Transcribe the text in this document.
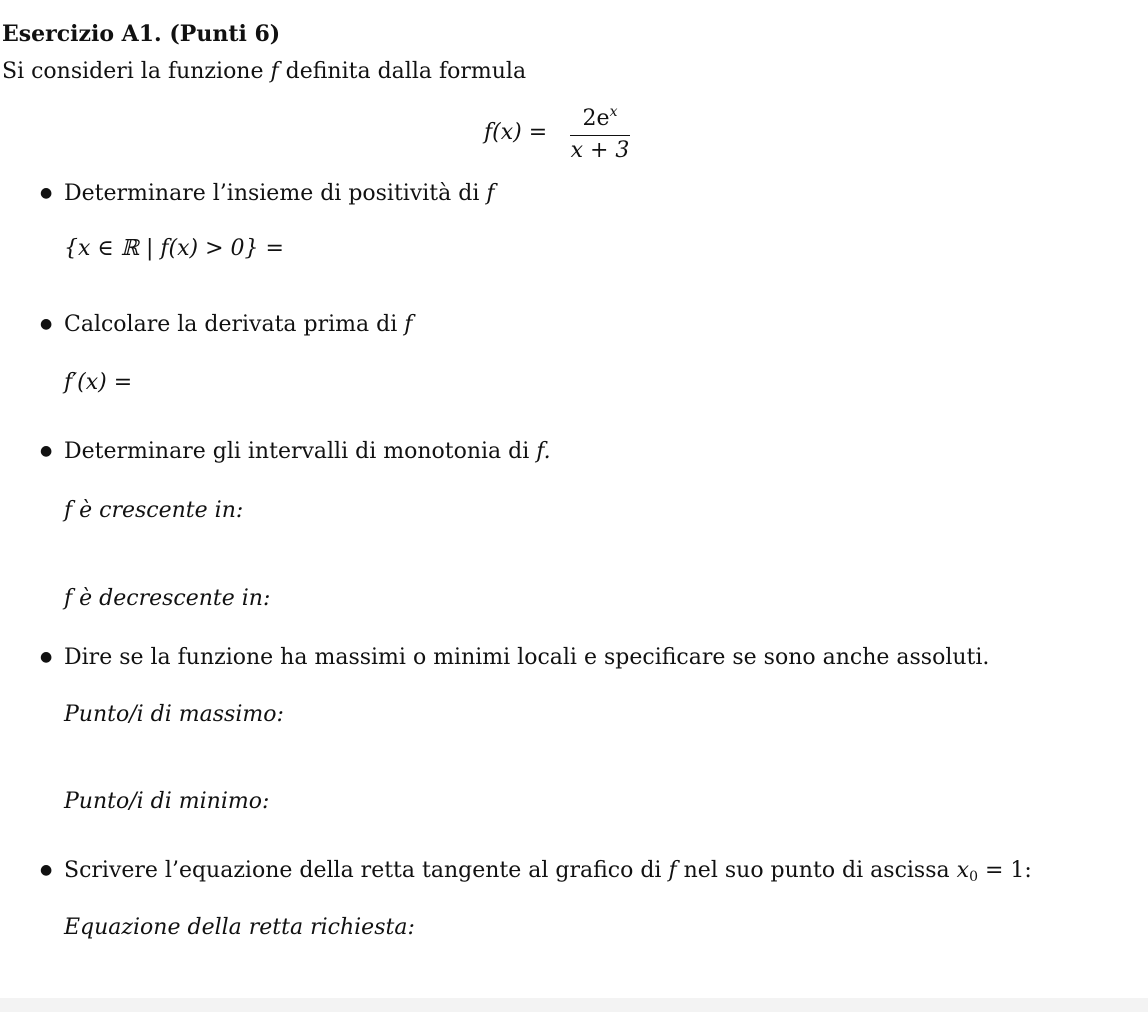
Esercizio A1. (Punti 6)
Si consideri la funzione f definita dalla formula
f(x) =
$2e^x$
x + 3
● Determinare l’insieme di positività di f
{x ∈ ℝ | f(x) > 0} =
● Calcolare la derivata prima di f
f′(x) =
● Determinare gli intervalli di monotonia di f.
f è crescente in:
f è decrescente in:
● Dire se la funzione ha massimi o minimi locali e specificare se sono anche assoluti.
Punto/i di massimo:
Punto/i di minimo:
● Scrivere l’equazione della retta tangente al grafico di f nel suo punto di ascissa $x_0 = 1$:
Equazione della retta richiesta:
